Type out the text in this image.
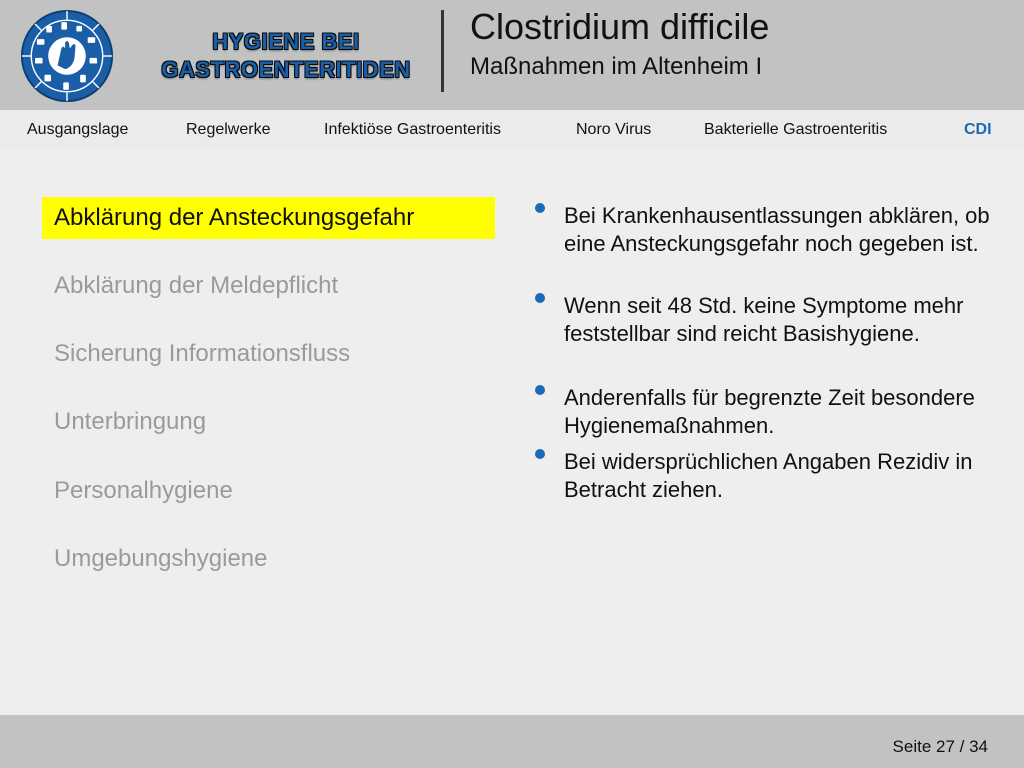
HYGIENE BEI
GASTROENTERITIDEN
Clostridium difficile
Maßnahmen im Altenheim I
Ausgangslage	Regelwerke	Infektiöse Gastroenteritis	Noro Virus	Bakterielle Gastroenteritis	CDI
Abklärung der Ansteckungsgefahr
Abklärung der Meldepflicht
Sicherung Informationsfluss
Unterbringung
Personalhygiene
Umgebungshygiene
Bei Krankenhausentlassungen abklären, ob eine Ansteckungsgefahr noch gegeben ist.
Wenn seit 48 Std. keine Symptome mehr feststellbar sind reicht Basishygiene.
Anderenfalls für begrenzte Zeit besondere Hygienemaßnahmen.
Bei widersprüchlichen Angaben Rezidiv in Betracht ziehen.
Seite 27 / 34
